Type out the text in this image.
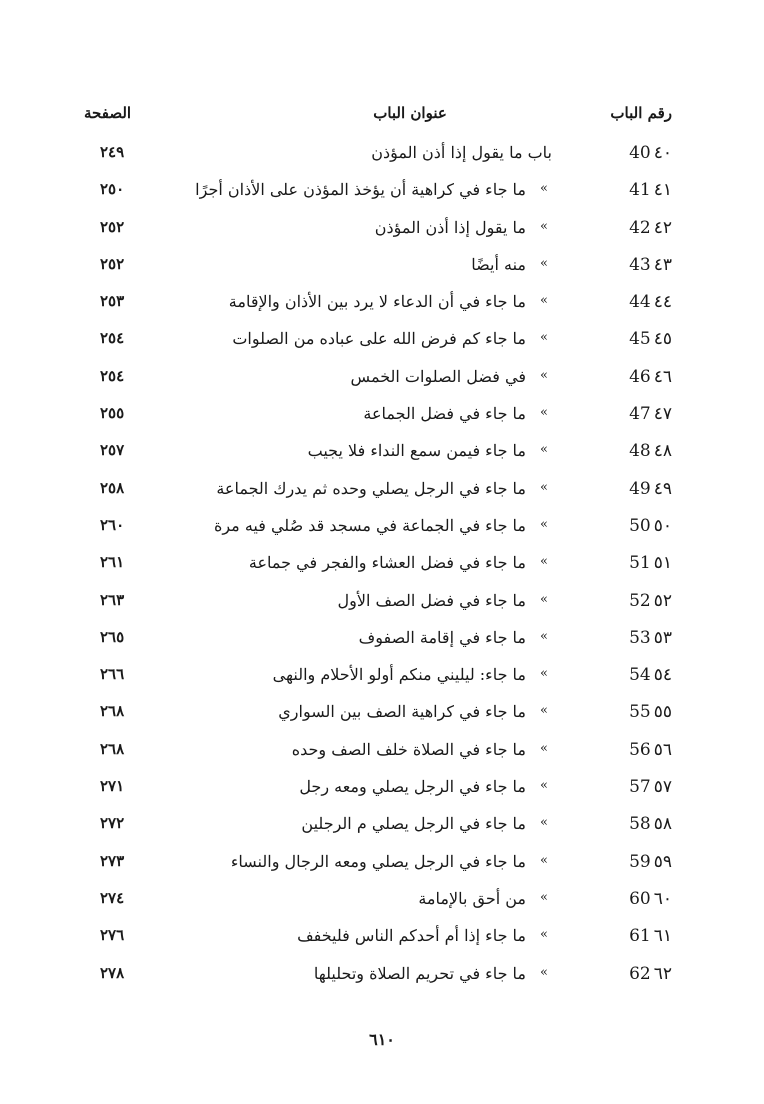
رقم الباب
عنوان الباب
الصفحة
40 ٤٠
باب ما يقول إذا أذن المؤذن
٢٤٩
41 ٤١
«
ما جاء في كراهية أن يؤخذ المؤذن على الأذان أجرًا
٢٥٠
42 ٤٢
«
ما يقول إذا أذن المؤذن
٢٥٢
43 ٤٣
«
منه أيضًا
٢٥٢
44 ٤٤
«
ما جاء في أن الدعاء لا يرد بين الأذان والإقامة
٢٥٣
45 ٤٥
«
ما جاء كم فرض الله على عباده من الصلوات
٢٥٤
46 ٤٦
«
في فضل الصلوات الخمس
٢٥٤
47 ٤٧
«
ما جاء في فضل الجماعة
٢٥٥
48 ٤٨
«
ما جاء فيمن سمع النداء فلا يجيب
٢٥٧
49 ٤٩
«
ما جاء في الرجل يصلي وحده ثم يدرك الجماعة
٢٥٨
50 ٥٠
«
ما جاء في الجماعة في مسجد قد صُلي فيه مرة
٢٦٠
51 ٥١
«
ما جاء في فضل العشاء والفجر في جماعة
٢٦١
52 ٥٢
«
ما جاء في فضل الصف الأول
٢٦٣
53 ٥٣
«
ما جاء في إقامة الصفوف
٢٦٥
54 ٥٤
«
ما جاء: ليليني منكم أولو الأحلام والنهى
٢٦٦
55 ٥٥
«
ما جاء في كراهية الصف بين السواري
٢٦٨
56 ٥٦
«
ما جاء في الصلاة خلف الصف وحده
٢٦٨
57 ٥٧
«
ما جاء في الرجل يصلي ومعه رجل
٢٧١
58 ٥٨
«
ما جاء في الرجل يصلي م الرجلين
٢٧٢
59 ٥٩
«
ما جاء في الرجل يصلي ومعه الرجال والنساء
٢٧٣
60 ٦٠
«
من أحق بالإمامة
٢٧٤
61 ٦١
«
ما جاء إذا أم أحدكم الناس فليخفف
٢٧٦
62 ٦٢
«
ما جاء في تحريم الصلاة وتحليلها
٢٧٨
٦١٠
